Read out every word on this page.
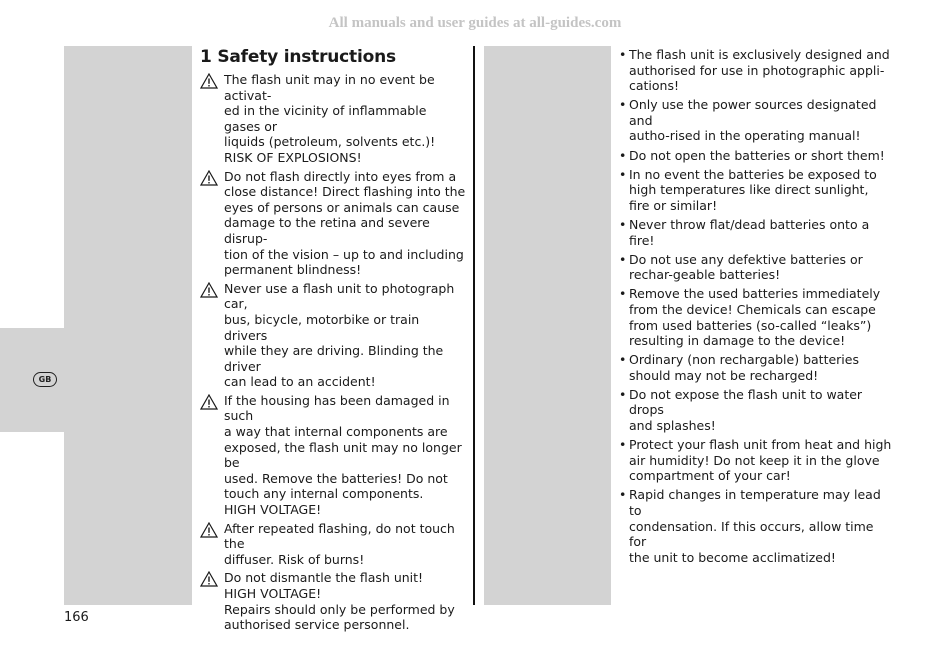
All manuals and user guides at all-guides.com
GB
1 Safety instructions

The flash unit may in no event be activat-
ed in the vicinity of inflammable gases or
liquids (petroleum, solvents etc.)!
RISK OF EXPLOSIONS!

Do not flash directly into eyes from a
close distance! Direct flashing into the
eyes of persons or animals can cause
damage to the retina and severe disrup-
tion of the vision – up to and including
permanent blindness!

Never use a flash unit to photograph car,
bus, bicycle, motorbike or train drivers
while they are driving. Blinding the driver
can lead to an accident!

If the housing has been damaged in such
a way that internal components are
exposed, the flash unit may no longer be
used. Remove the batteries! Do not
touch any internal components.
HIGH VOLTAGE!

After repeated flashing, do not touch the
diffuser. Risk of burns!

Do not dismantle the flash unit!
HIGH VOLTAGE!
Repairs should only be performed by
authorised service personnel.

• The flash unit is exclusively designed and
authorised for use in photographic appli-
cations!
• Only use the power sources designated and
autho-rised in the operating manual!
• Do not open the batteries or short them!
• In no event the batteries be exposed to
high temperatures like direct sunlight,
fire or similar!
• Never throw flat/dead batteries onto a fire!
• Do not use any defektive batteries or
rechar-geable batteries!
• Remove the used batteries immediately
from the device! Chemicals can escape
from used batteries (so-called “leaks”)
resulting in damage to the device!
• Ordinary (non rechargable) batteries
should may not be recharged!
• Do not expose the flash unit to water drops
and splashes!
• Protect your flash unit from heat and high
air humidity! Do not keep it in the glove
compartment of your car!
• Rapid changes in temperature may lead to
condensation. If this occurs, allow time for
the unit to become acclimatized!
166
